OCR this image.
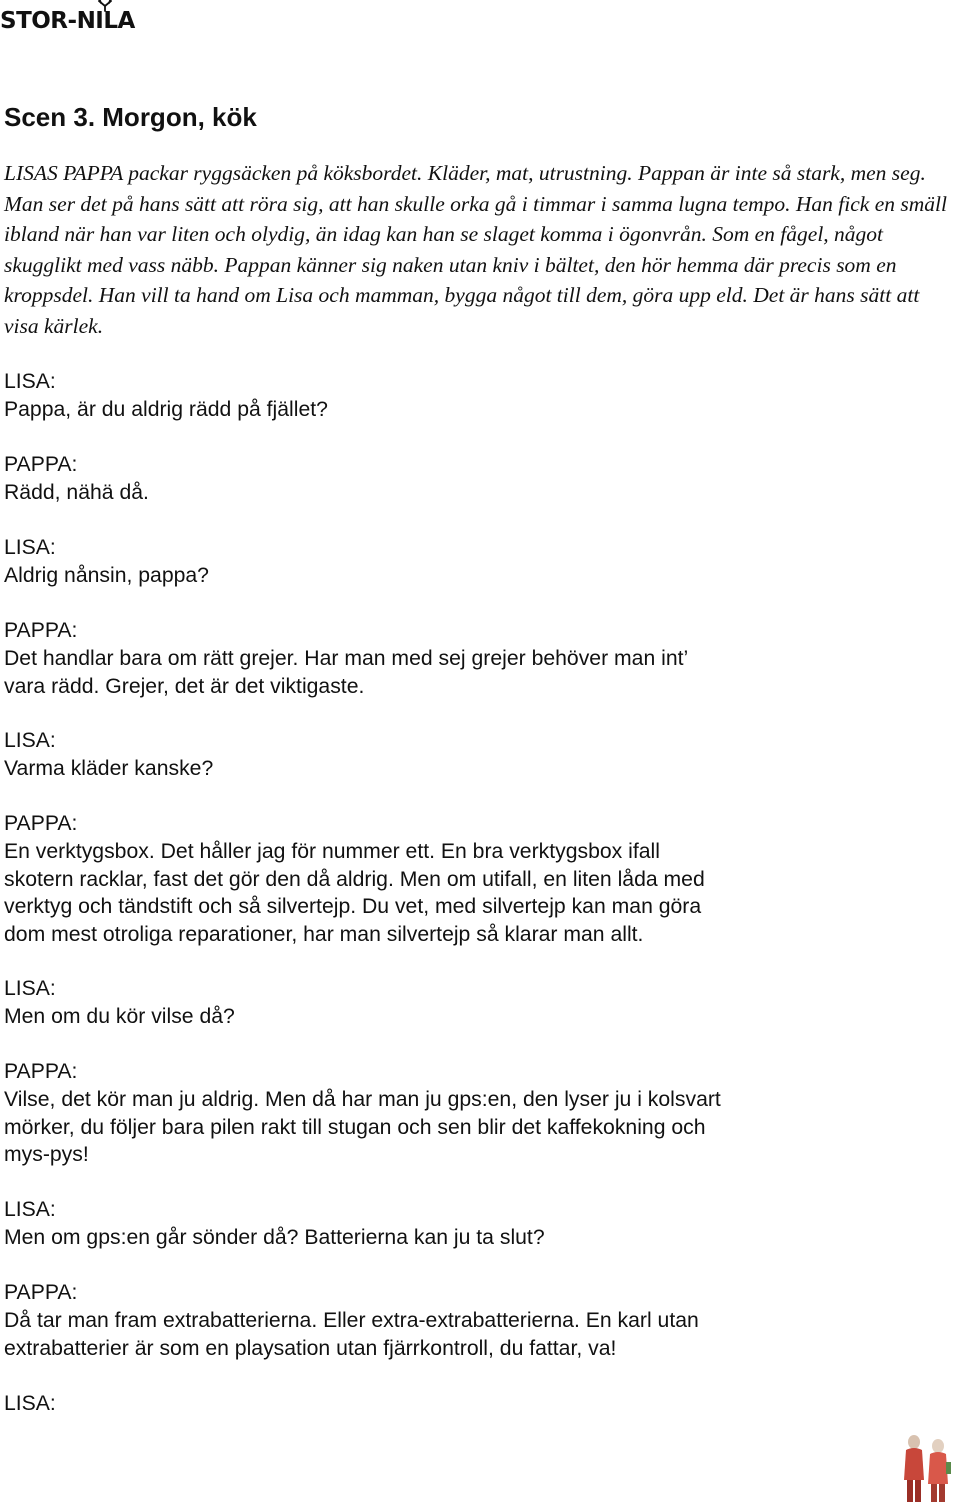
STOR-NILA
Scen 3. Morgon, kök

LISAS PAPPA packar ryggsäcken på köksbordet. Kläder, mat, utrustning. Pappan är inte så stark, men seg. Man ser det på hans sätt att röra sig, att han skulle orka gå i timmar i samma lugna tempo. Han fick en smäll ibland när han var liten och olydig, än idag kan han se slaget komma i ögonvrån. Som en fågel, något skugglikt med vass näbb. Pappan känner sig naken utan kniv i bältet, den hör hemma där precis som en kroppsdel. Han vill ta hand om Lisa och mamman, bygga något till dem, göra upp eld. Det är hans sätt att visa kärlek.

LISA:
Pappa, är du aldrig rädd på fjället?
PAPPA:
Rädd, nähä då.
LISA:
Aldrig nånsin, pappa?
PAPPA:
Det handlar bara om rätt grejer. Har man med sej grejer behöver man int’
vara rädd. Grejer, det är det viktigaste.
LISA:
Varma kläder kanske?
PAPPA:
En verktygsbox. Det håller jag för nummer ett. En bra verktygsbox ifall
skotern racklar, fast det gör den då aldrig. Men om utifall, en liten låda med
verktyg och tändstift och så silvertejp. Du vet, med silvertejp kan man göra
dom mest otroliga reparationer, har man silvertejp så klarar man allt.
LISA:
Men om du kör vilse då?
PAPPA:
Vilse, det kör man ju aldrig. Men då har man ju gps:en, den lyser ju i kolsvart
mörker, du följer bara pilen rakt till stugan och sen blir det kaffekokning och
mys-pys!
LISA:
Men om gps:en går sönder då? Batterierna kan ju ta slut?
PAPPA:
Då tar man fram extrabatterierna. Eller extra-extrabatterierna. En karl utan
extrabatterier är som en playsation utan fjärrkontroll, du fattar, va!
LISA:
